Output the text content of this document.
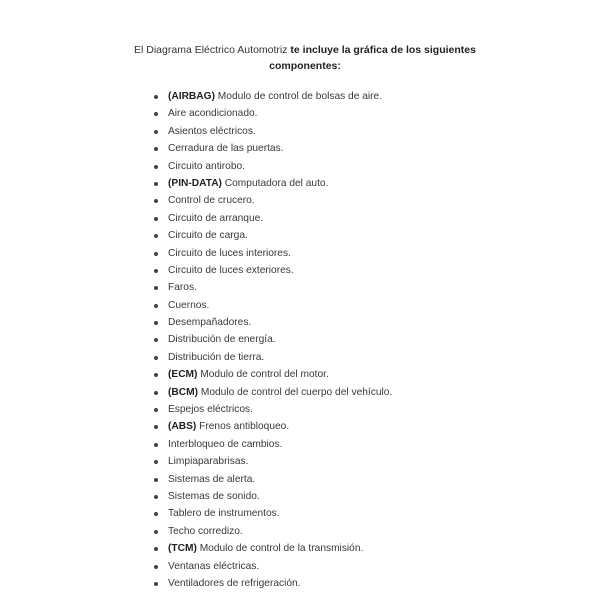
El Diagrama Eléctrico Automotriz te incluye la gráfica de los siguientes componentes:
(AIRBAG) Modulo de control de bolsas de aire.
Aire acondicionado.
Asientos eléctricos.
Cerradura de las puertas.
Circuito antirobo.
(PIN-DATA) Computadora del auto.
Control de crucero.
Circuito de arranque.
Circuito de carga.
Circuito de luces interiores.
Circuito de luces exteriores.
Faros.
Cuernos.
Desempañadores.
Distribución de energía.
Distribución de tierra.
(ECM) Modulo de control del motor.
(BCM) Modulo de control del cuerpo del vehículo.
Espejos eléctricos.
(ABS) Frenos antibloqueo.
Interbloqueo de cambios.
Limpiaparabrisas.
Sistemas de alerta.
Sistemas de sonido.
Tablero de instrumentos.
Techo corredizo.
(TCM) Modulo de control de la transmisión.
Ventanas eléctricas.
Ventiladores de refrigeración.
